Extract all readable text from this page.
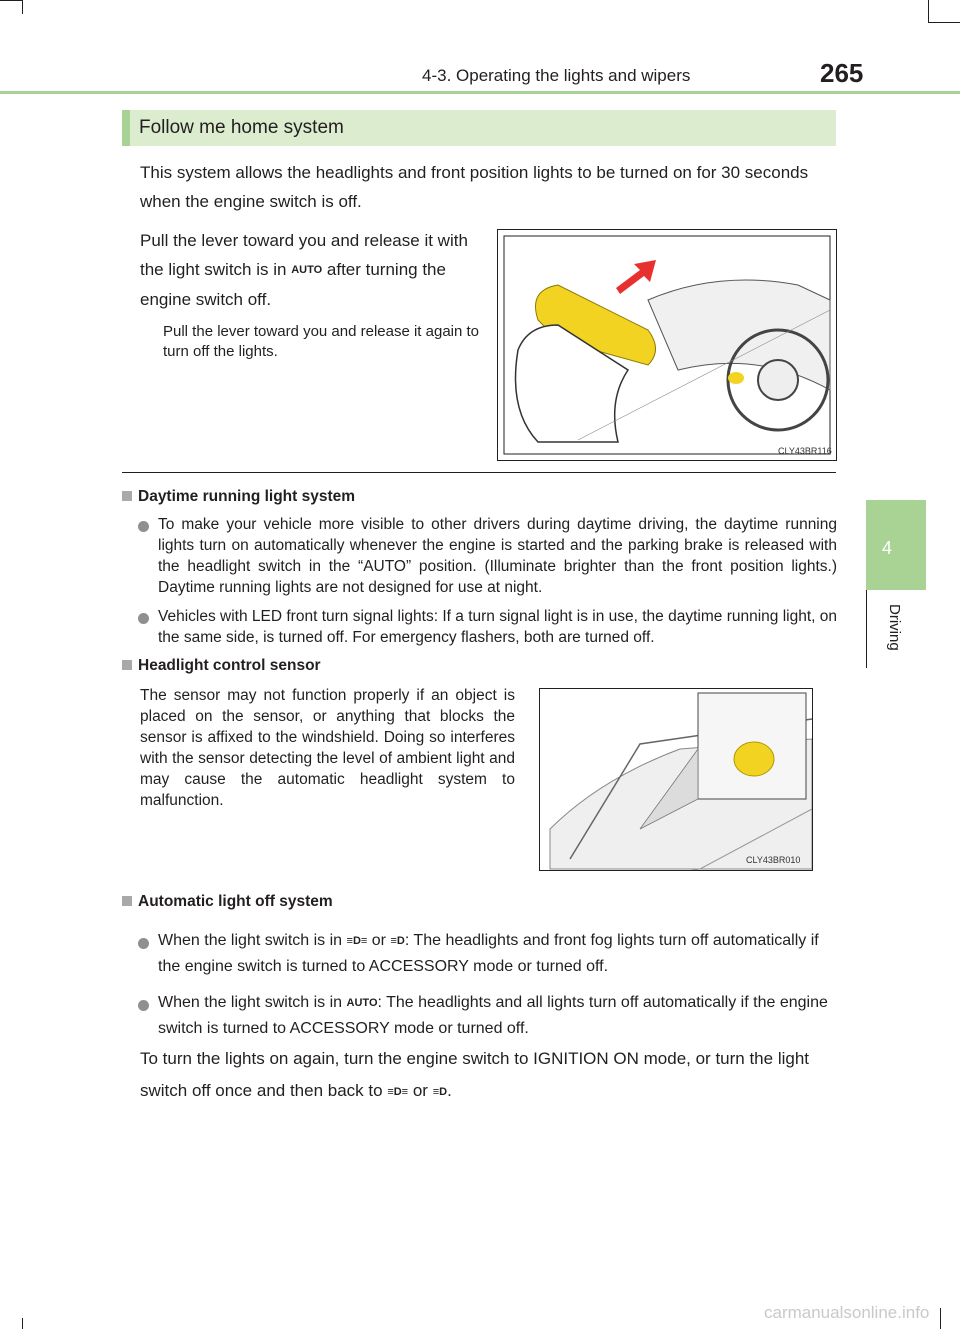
4-3. Operating the lights and wipers	265
4
Driving
Follow me home system
This system allows the headlights and front position lights to be turned on for 30 seconds when the engine switch is off.
Pull the lever toward you and release it with the light switch is in AUTO after turning the engine switch off.
Pull the lever toward you and release it again to turn off the lights.
CLY43BR116
Daytime running light system
To make your vehicle more visible to other drivers during daytime driving, the daytime running lights turn on automatically whenever the engine is started and the parking brake is released with the headlight switch in the “AUTO” position. (Illuminate brighter than the front position lights.) Daytime running lights are not designed for use at night.
Vehicles with LED front turn signal lights: If a turn signal light is in use, the daytime running light, on the same side, is turned off. For emergency flashers, both are turned off.
Headlight control sensor
The sensor may not function properly if an object is placed on the sensor, or anything that blocks the sensor is affixed to the windshield. Doing so interferes with the sensor detecting the level of ambient light and may cause the automatic headlight system to malfunction.
CLY43BR010
Automatic light off system
When the light switch is in ≡D≡ or ≡D: The headlights and front fog lights turn off automatically if the engine switch is turned to ACCESSORY mode or turned off.
When the light switch is in AUTO: The headlights and all lights turn off automatically if the engine switch is turned to ACCESSORY mode or turned off.
To turn the lights on again, turn the engine switch to IGNITION ON mode, or turn the light switch off once and then back to ≡D≡ or ≡D.
carmanualsonline.info
